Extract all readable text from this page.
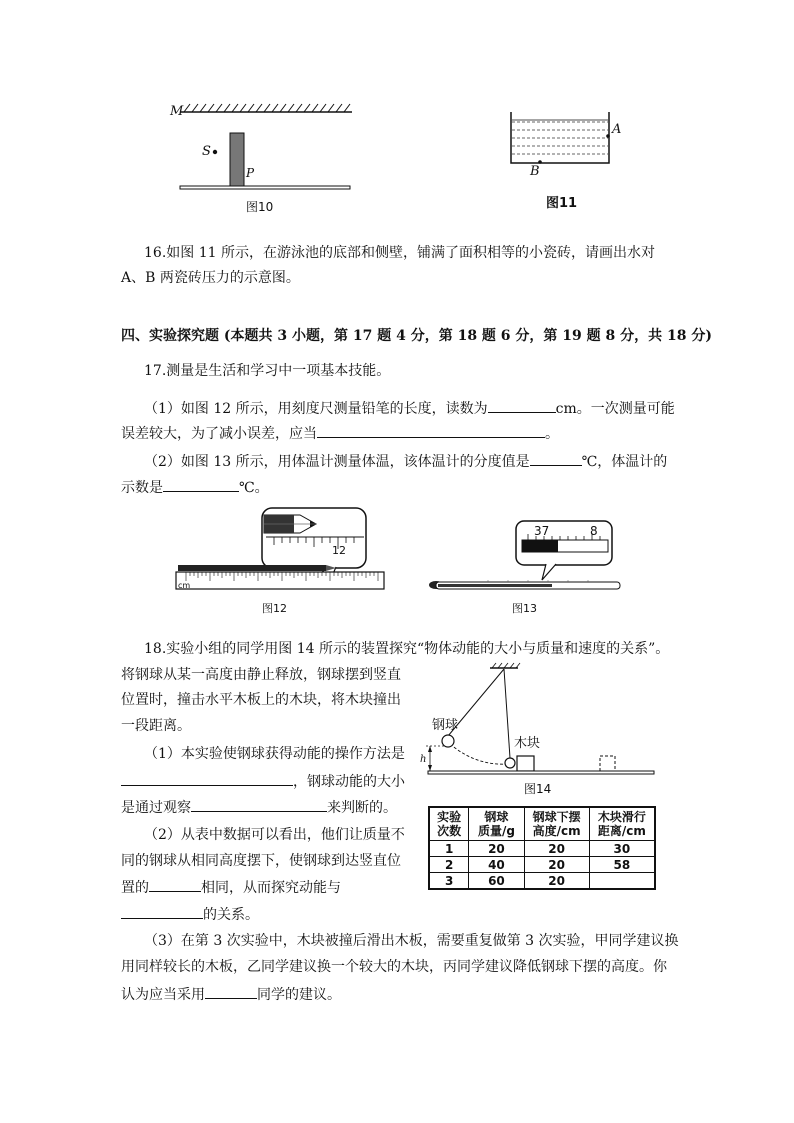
M
S
P
图10
A
B
图11
16.如图 11 所示，在游泳池的底部和侧壁，铺满了面积相等的小瓷砖，请画出水对
A、B 两瓷砖压力的示意图。
四、实验探究题 (本题共 3 小题，第 17 题 4 分，第 18 题 6 分，第 19 题 8 分，共 18 分)
17.测量是生活和学习中一项基本技能。
（1）如图 12 所示，用刻度尺测量铅笔的长度，读数为	cm。一次测量可能
误差较大，为了减小误差，应当	。
（2）如图 13 所示，用体温计测量体温，该体温计的分度值是	℃，体温计的
示数是	℃。
12
cm
图12
37	8
图13
18.实验小组的同学用图 14 所示的装置探究“物体动能的大小与质量和速度的关系”。
将钢球从某一高度由静止释放，钢球摆到竖直
位置时，撞击水平木板上的木块，将木块撞出
一段距离。
（1）本实验使钢球获得动能的操作方法是
，钢球动能的大小
是通过观察	来判断的。
（2）从表中数据可以看出，他们让质量不
同的钢球从相同高度摆下，使钢球到达竖直位
置的	相同，从而探究动能与
的关系。
（3）在第 3 次实验中，木块被撞后滑出木板，需要重复做第 3 次实验，甲同学建议换
用同样较长的木板，乙同学建议换一个较大的木块，丙同学建议降低钢球下摆的高度。你
认为应当采用	同学的建议。
钢球
木块
h
图14
实验
次数	钢球
质量/g	钢球下摆
高度/cm	木块滑行
距离/cm
1	20	20	30
2	40	20	58
3	60	20	
